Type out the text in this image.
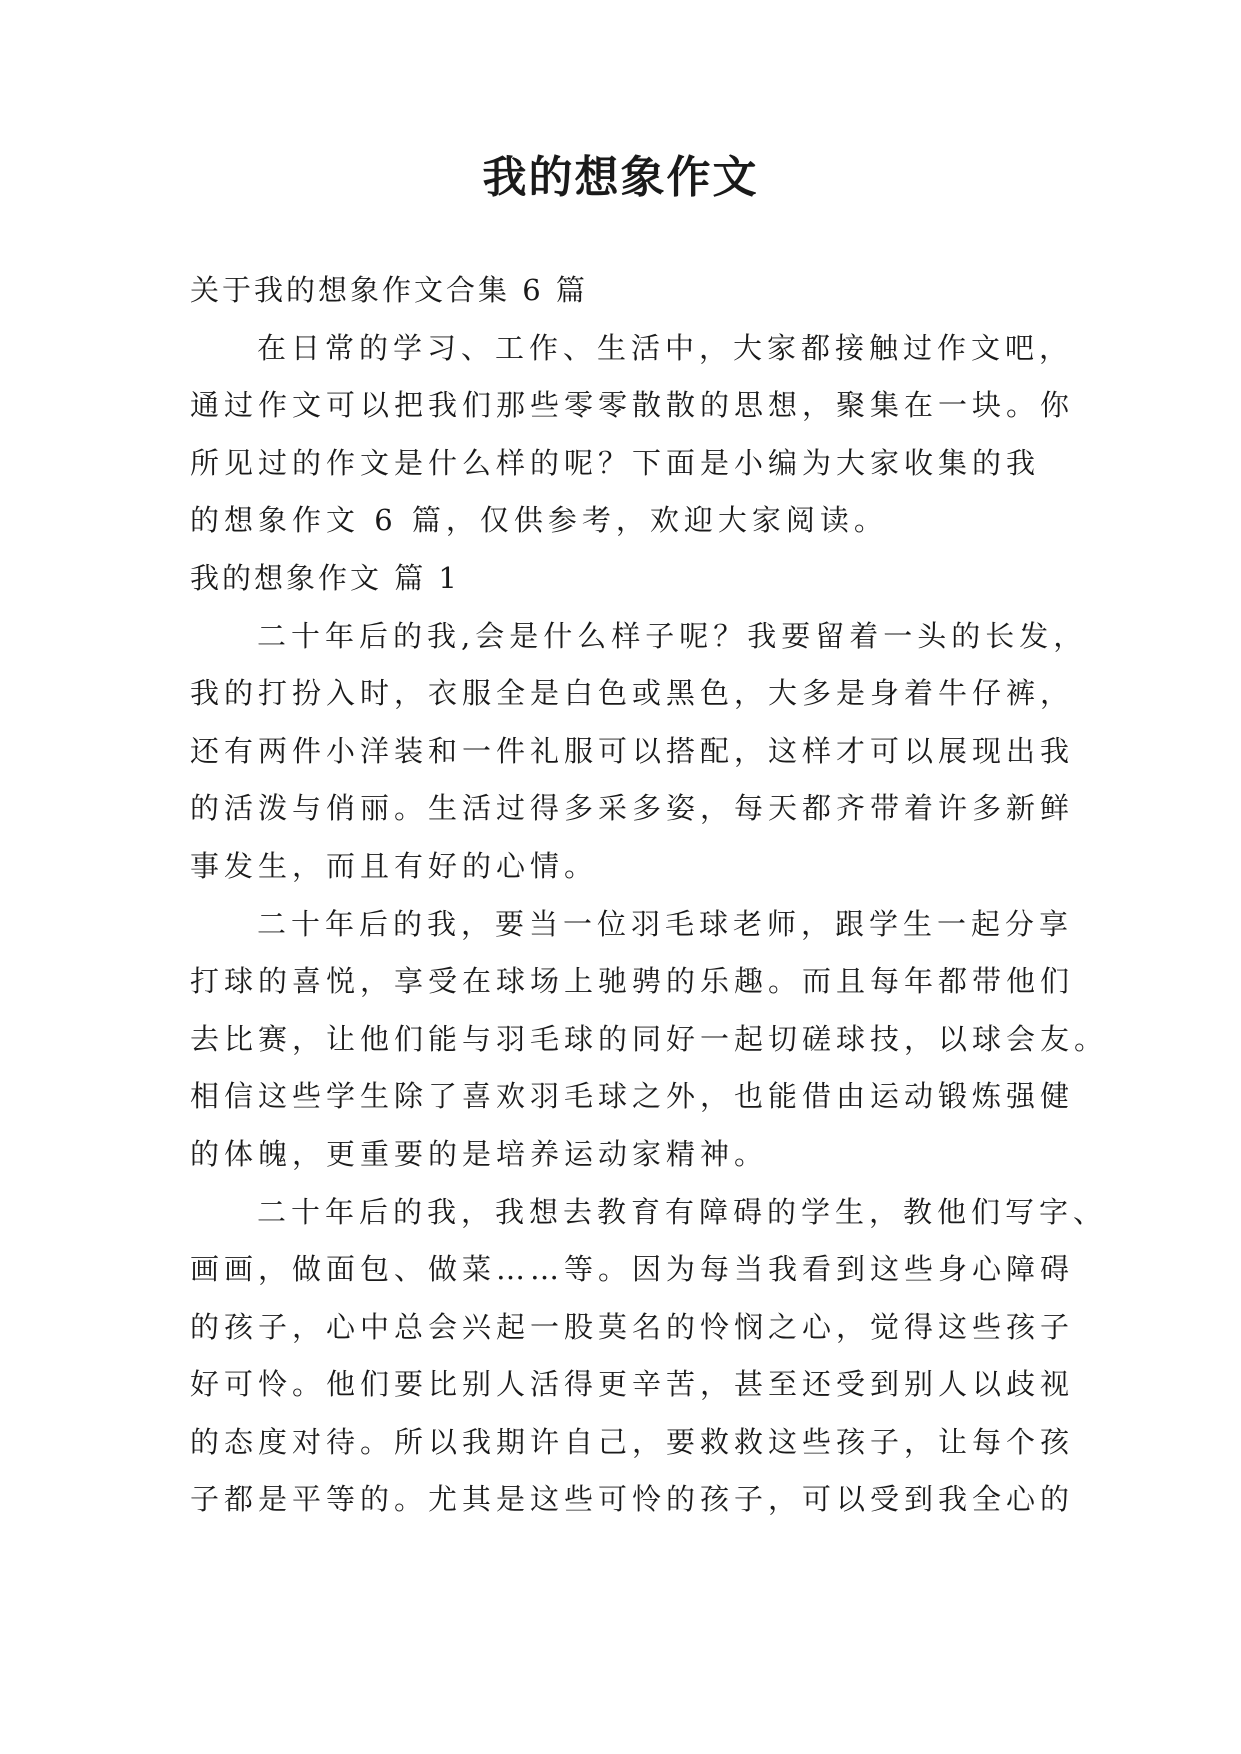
我的想象作文
关于我的想象作文合集 6 篇
在日常的学习、工作、生活中，大家都接触过作文吧，
通过作文可以把我们那些零零散散的思想，聚集在一块。你
所见过的作文是什么样的呢？下面是小编为大家收集的我
的想象作文 6 篇，仅供参考，欢迎大家阅读。
我的想象作文 篇 1
二十年后的我,会是什么样子呢？我要留着一头的长发，
我的打扮入时，衣服全是白色或黑色，大多是身着牛仔裤，
还有两件小洋装和一件礼服可以搭配，这样才可以展现出我
的活泼与俏丽。生活过得多采多姿，每天都齐带着许多新鲜
事发生，而且有好的心情。
二十年后的我，要当一位羽毛球老师，跟学生一起分享
打球的喜悦，享受在球场上驰骋的乐趣。而且每年都带他们
去比赛，让他们能与羽毛球的同好一起切磋球技，以球会友。
相信这些学生除了喜欢羽毛球之外，也能借由运动锻炼强健
的体魄，更重要的是培养运动家精神。
二十年后的我，我想去教育有障碍的学生，教他们写字、
画画，做面包、做菜……等。因为每当我看到这些身心障碍
的孩子，心中总会兴起一股莫名的怜悯之心，觉得这些孩子
好可怜。他们要比别人活得更辛苦，甚至还受到别人以歧视
的态度对待。所以我期许自己，要救救这些孩子，让每个孩
子都是平等的。尤其是这些可怜的孩子，可以受到我全心的
